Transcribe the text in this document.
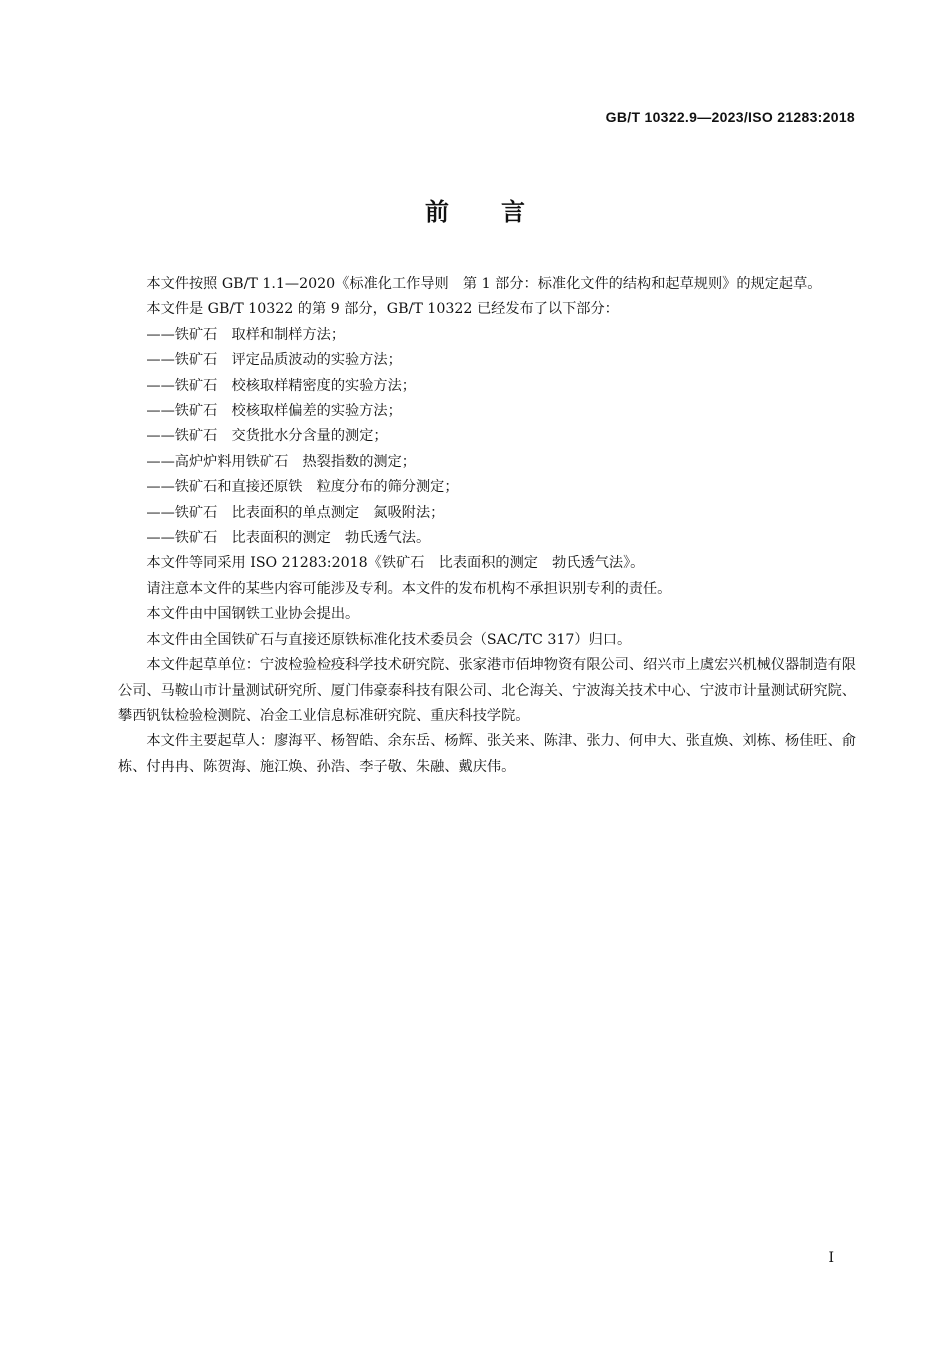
GB/T 10322.9—2023/ISO 21283:2018
前言

本文件按照 GB/T 1.1—2020《标准化工作导则　第 1 部分：标准化文件的结构和起草规则》的规定起草。

本文件是 GB/T 10322 的第 9 部分，GB/T 10322 已经发布了以下部分：

——铁矿石　取样和制样方法；

——铁矿石　评定品质波动的实验方法；

——铁矿石　校核取样精密度的实验方法；

——铁矿石　校核取样偏差的实验方法；

——铁矿石　交货批水分含量的测定；

——高炉炉料用铁矿石　热裂指数的测定；

——铁矿石和直接还原铁　粒度分布的筛分测定；

——铁矿石　比表面积的单点测定　氮吸附法；

——铁矿石　比表面积的测定　勃氏透气法。

本文件等同采用 ISO 21283:2018《铁矿石　比表面积的测定　勃氏透气法》。

请注意本文件的某些内容可能涉及专利。本文件的发布机构不承担识别专利的责任。

本文件由中国钢铁工业协会提出。

本文件由全国铁矿石与直接还原铁标准化技术委员会（SAC/TC 317）归口。

本文件起草单位：宁波检验检疫科学技术研究院、张家港市佰坤物资有限公司、绍兴市上虞宏兴机械仪器制造有限公司、马鞍山市计量测试研究所、厦门伟豪泰科技有限公司、北仑海关、宁波海关技术中心、宁波市计量测试研究院、攀西钒钛检验检测院、冶金工业信息标准研究院、重庆科技学院。

本文件主要起草人：廖海平、杨智皓、余东岳、杨辉、张关来、陈津、张力、何申大、张直焕、刘栋、杨佳旺、俞栋、付冉冉、陈贺海、施江焕、孙浩、李子敬、朱融、戴庆伟。

I
